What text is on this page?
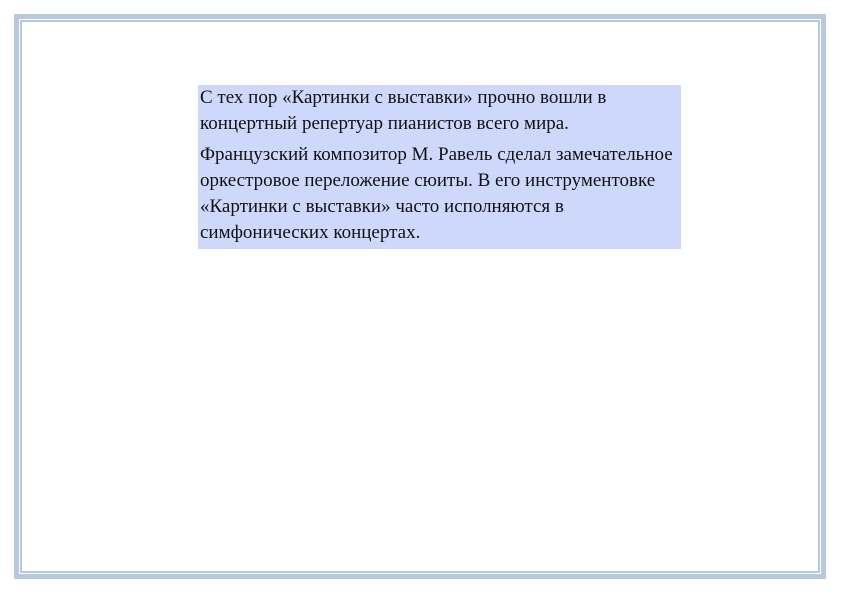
С тех пор «Картинки с выставки» прочно вошли в концертный репертуар пианистов всего мира.

Французский композитор М. Равель сделал замечательное оркестровое переложение сюиты. В его инструментовке «Картинки с выставки» часто исполняются в симфонических концертах.
